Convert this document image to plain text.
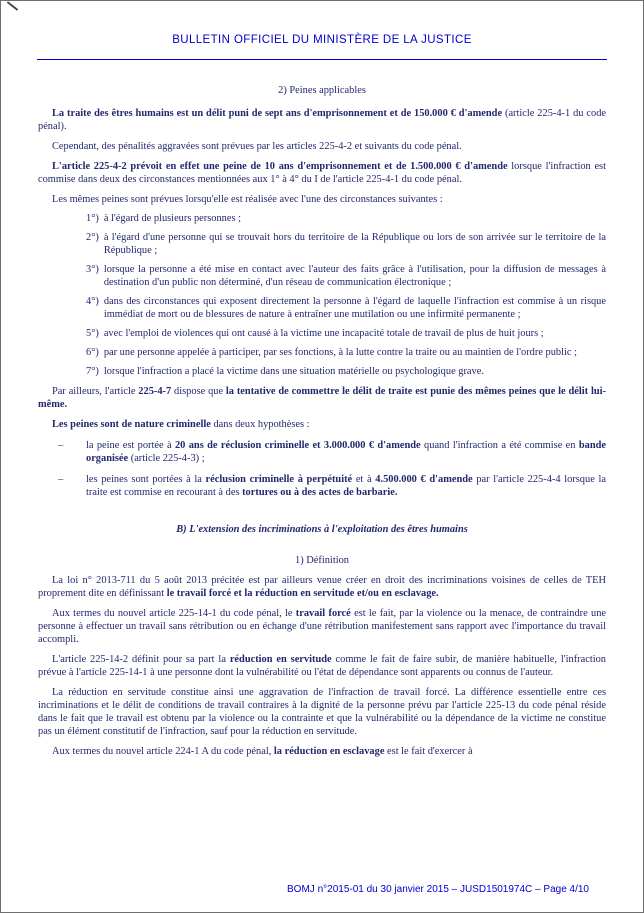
BULLETIN OFFICIEL DU MINISTÈRE DE LA JUSTICE

2) Peines applicables

La traite des êtres humains est un délit puni de sept ans d'emprisonnement et de 150.000 € d'amende (article 225-4-1 du code pénal).

Cependant, des pénalités aggravées sont prévues par les articles 225-4-2 et suivants du code pénal.

L'article 225-4-2 prévoit en effet une peine de 10 ans d'emprisonnement et de 1.500.000 € d'amende lorsque l'infraction est commise dans deux des circonstances mentionnées aux 1° à 4° du I de l'article 225-4-1 du code pénal.

Les mêmes peines sont prévues lorsqu'elle est réalisée avec l'une des circonstances suivantes :

1°) à l'égard de plusieurs personnes ;
2°) à l'égard d'une personne qui se trouvait hors du territoire de la République ou lors de son arrivée sur le territoire de la République ;
3°) lorsque la personne a été mise en contact avec l'auteur des faits grâce à l'utilisation, pour la diffusion de messages à destination d'un public non déterminé, d'un réseau de communication électronique ;
4°) dans des circonstances qui exposent directement la personne à l'égard de laquelle l'infraction est commise à un risque immédiat de mort ou de blessures de nature à entraîner une mutilation ou une infirmité permanente ;
5°) avec l'emploi de violences qui ont causé à la victime une incapacité totale de travail de plus de huit jours ;
6°) par une personne appelée à participer, par ses fonctions, à la lutte contre la traite ou au maintien de l'ordre public ;
7°) lorsque l'infraction a placé la victime dans une situation matérielle ou psychologique grave.

Par ailleurs, l'article 225-4-7 dispose que la tentative de commettre le délit de traite est punie des mêmes peines que le délit lui-même.

Les peines sont de nature criminelle dans deux hypothèses :

–	la peine est portée à 20 ans de réclusion criminelle et 3.000.000 € d'amende quand l'infraction a été commise en bande organisée (article 225-4-3) ;
–	les peines sont portées à la réclusion criminelle à perpétuité et à 4.500.000 € d'amende par l'article 225-4-4 lorsque la traite est commise en recourant à des tortures ou à des actes de barbarie.

B) L'extension des incriminations à l'exploitation des êtres humains

1) Définition

La loi n° 2013-711 du 5 août 2013 précitée est par ailleurs venue créer en droit des incriminations voisines de celles de TEH proprement dite en définissant le travail forcé et la réduction en servitude et/ou en esclavage.

Aux termes du nouvel article 225-14-1 du code pénal, le travail forcé est le fait, par la violence ou la menace, de contraindre une personne à effectuer un travail sans rétribution ou en échange d'une rétribution manifestement sans rapport avec l'importance du travail accompli.

L'article 225-14-2 définit pour sa part la réduction en servitude comme le fait de faire subir, de manière habituelle, l'infraction prévue à l'article 225-14-1 à une personne dont la vulnérabilité ou l'état de dépendance sont apparents ou connus de l'auteur.

La réduction en servitude constitue ainsi une aggravation de l'infraction de travail forcé. La différence essentielle entre ces incriminations et le délit de conditions de travail contraires à la dignité de la personne prévu par l'article 225-13 du code pénal réside dans le fait que le travail est obtenu par la violence ou la contrainte et que la vulnérabilité ou la dépendance de la victime ne constitue pas un élément constitutif de l'infraction, sauf pour la réduction en servitude.

Aux termes du nouvel article 224-1 A du code pénal, la réduction en esclavage est le fait d'exercer à

BOMJ n°2015-01 du 30 janvier 2015 – JUSD1501974C – Page 4/10
